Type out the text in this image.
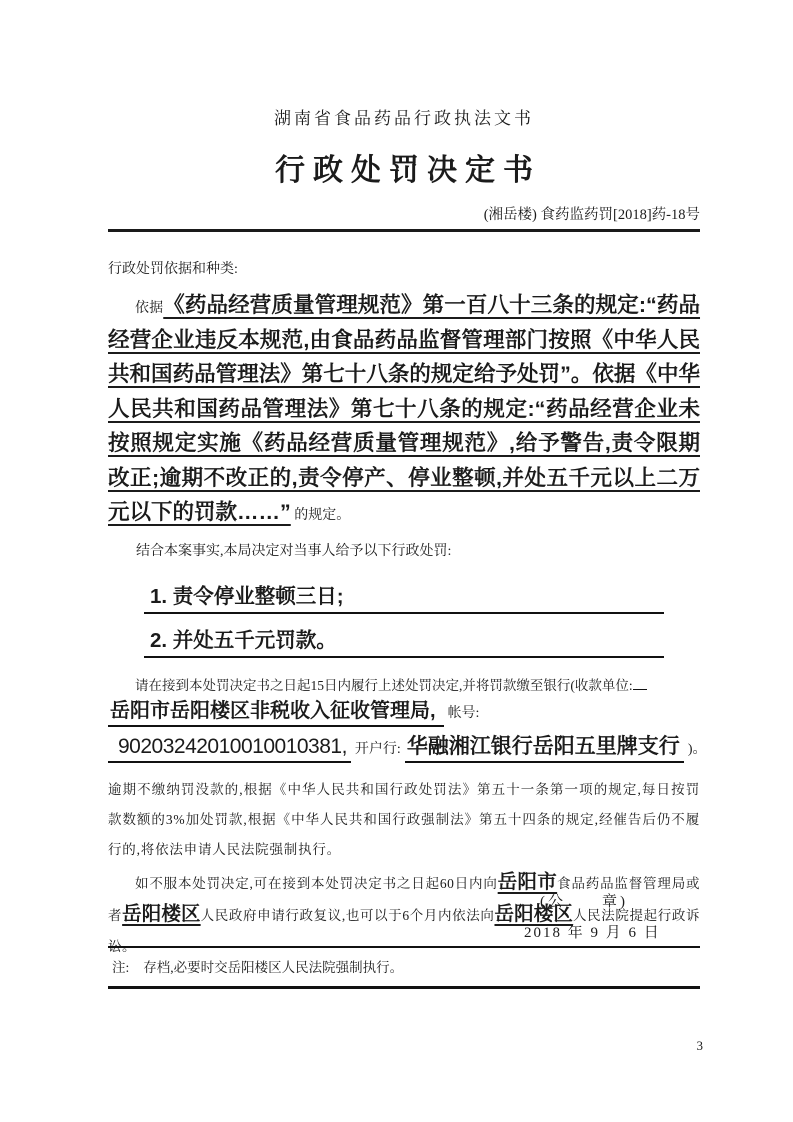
湖南省食品药品行政执法文书
行政处罚决定书
(湘岳楼) 食药监药罚[2018]药-18号
行政处罚依据和种类:

依据《药品经营质量管理规范》第一百八十三条的规定:“药品经营企业违反本规范,由食品药品监督管理部门按照《中华人民共和国药品管理法》第七十八条的规定给予处罚”。依据《中华人民共和国药品管理法》第七十八条的规定:“药品经营企业未按照规定实施《药品经营质量管理规范》,给予警告,责令限期改正;逾期不改正的,责令停产、停业整顿,并处五千元以上二万元以下的罚款……” 的规定。

结合本案事实,本局决定对当事人给予以下行政处罚:

1. 责令停业整顿三日;
2. 并处五千元罚款。
请在接到本处罚决定书之日起15日内履行上述处罚决定,并将罚款缴至银行(收款单位:
岳阳市岳阳楼区非税收入征收管理局, 帐号:
90203242010010010381, 开户行: 华融湘江银行岳阳五里牌支行 )。

逾期不缴纳罚没款的,根据《中华人民共和国行政处罚法》第五十一条第一项的规定,每日按罚款数额的3%加处罚款,根据《中华人民共和国行政强制法》第五十四条的规定,经催告后仍不履行的,将依法申请人民法院强制执行。

如不服本处罚决定,可在接到本处罚决定书之日起60日内向岳阳市食品药品监督管理局或者岳阳楼区人民政府申请行政复议,也可以于6个月内依法向岳阳楼区人民法院提起行政诉讼。

(公　　章)
2018 年 9 月 6 日
注: 存档,必要时交岳阳楼区人民法院强制执行。
3
